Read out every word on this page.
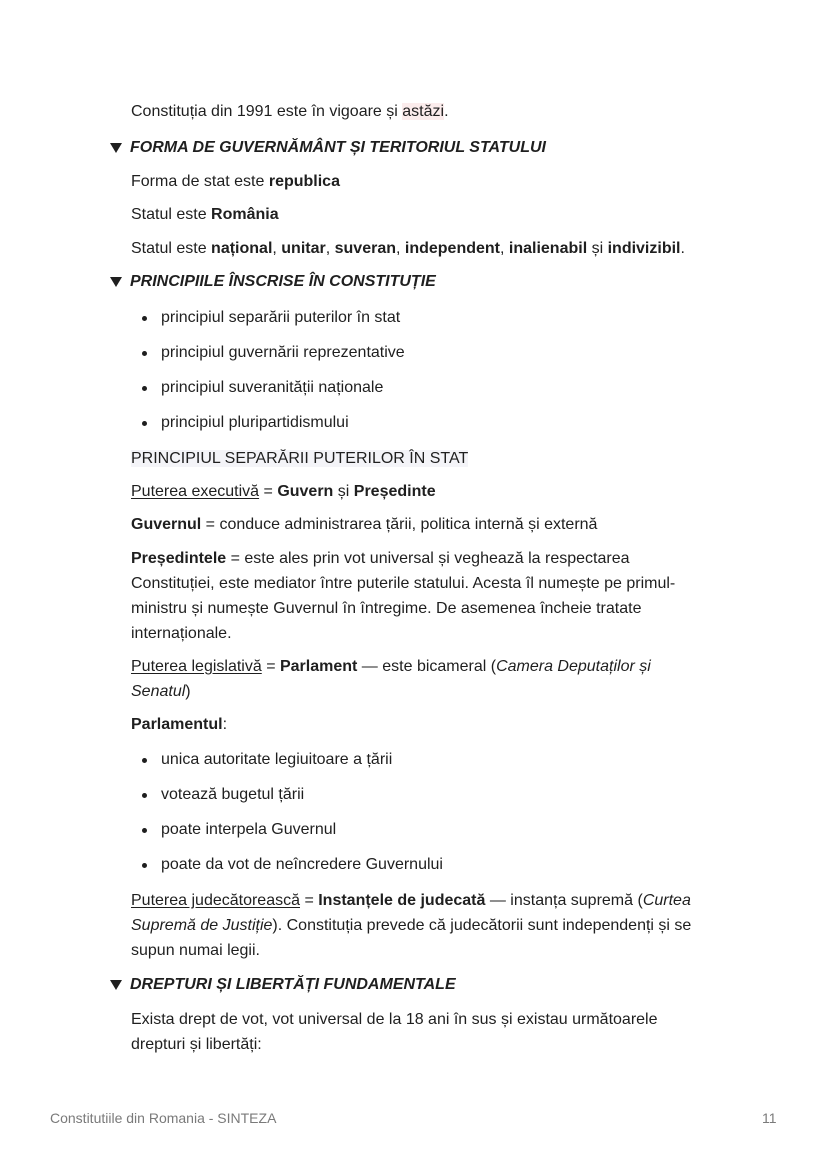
Constituția din 1991 este în vigoare și astăzi.

FORMA DE GUVERNĂMÂNT ȘI TERITORIUL STATULUI

Forma de stat este republica

Statul este România

Statul este național, unitar, suveran, independent, inalienabil și indivizibil.

PRINCIPIILE ÎNSCRISE ÎN CONSTITUȚIE

principiul separării puterilor în stat

principiul guvernării reprezentative

principiul suveranității naționale

principiul pluripartidismului

PRINCIPIUL SEPARĂRII PUTERILOR ÎN STAT

Puterea executivă = Guvern și Președinte

Guvernul = conduce administrarea țării, politica internă și externă

Președintele = este ales prin vot universal și veghează la respectarea Constituției, este mediator între puterile statului. Acesta îl numește pe primul-ministru și numește Guvernul în întregime. De asemenea încheie tratate internaționale.

Puterea legislativă = Parlament — este bicameral (Camera Deputaților și Senatul)

Parlamentul:

unica autoritate legiuitoare a țării

votează bugetul țării

poate interpela Guvernul

poate da vot de neîncredere Guvernului

Puterea judecătorească = Instanțele de judecată — instanța supremă (Curtea Supremă de Justiție). Constituția prevede că judecătorii sunt independenți și se supun numai legii.

DREPTURI ȘI LIBERTĂȚI FUNDAMENTALE

Exista drept de vot, vot universal de la 18 ani în sus și existau următoarele drepturi și libertăți:

Constitutiile din Romania - SINTEZA	11
